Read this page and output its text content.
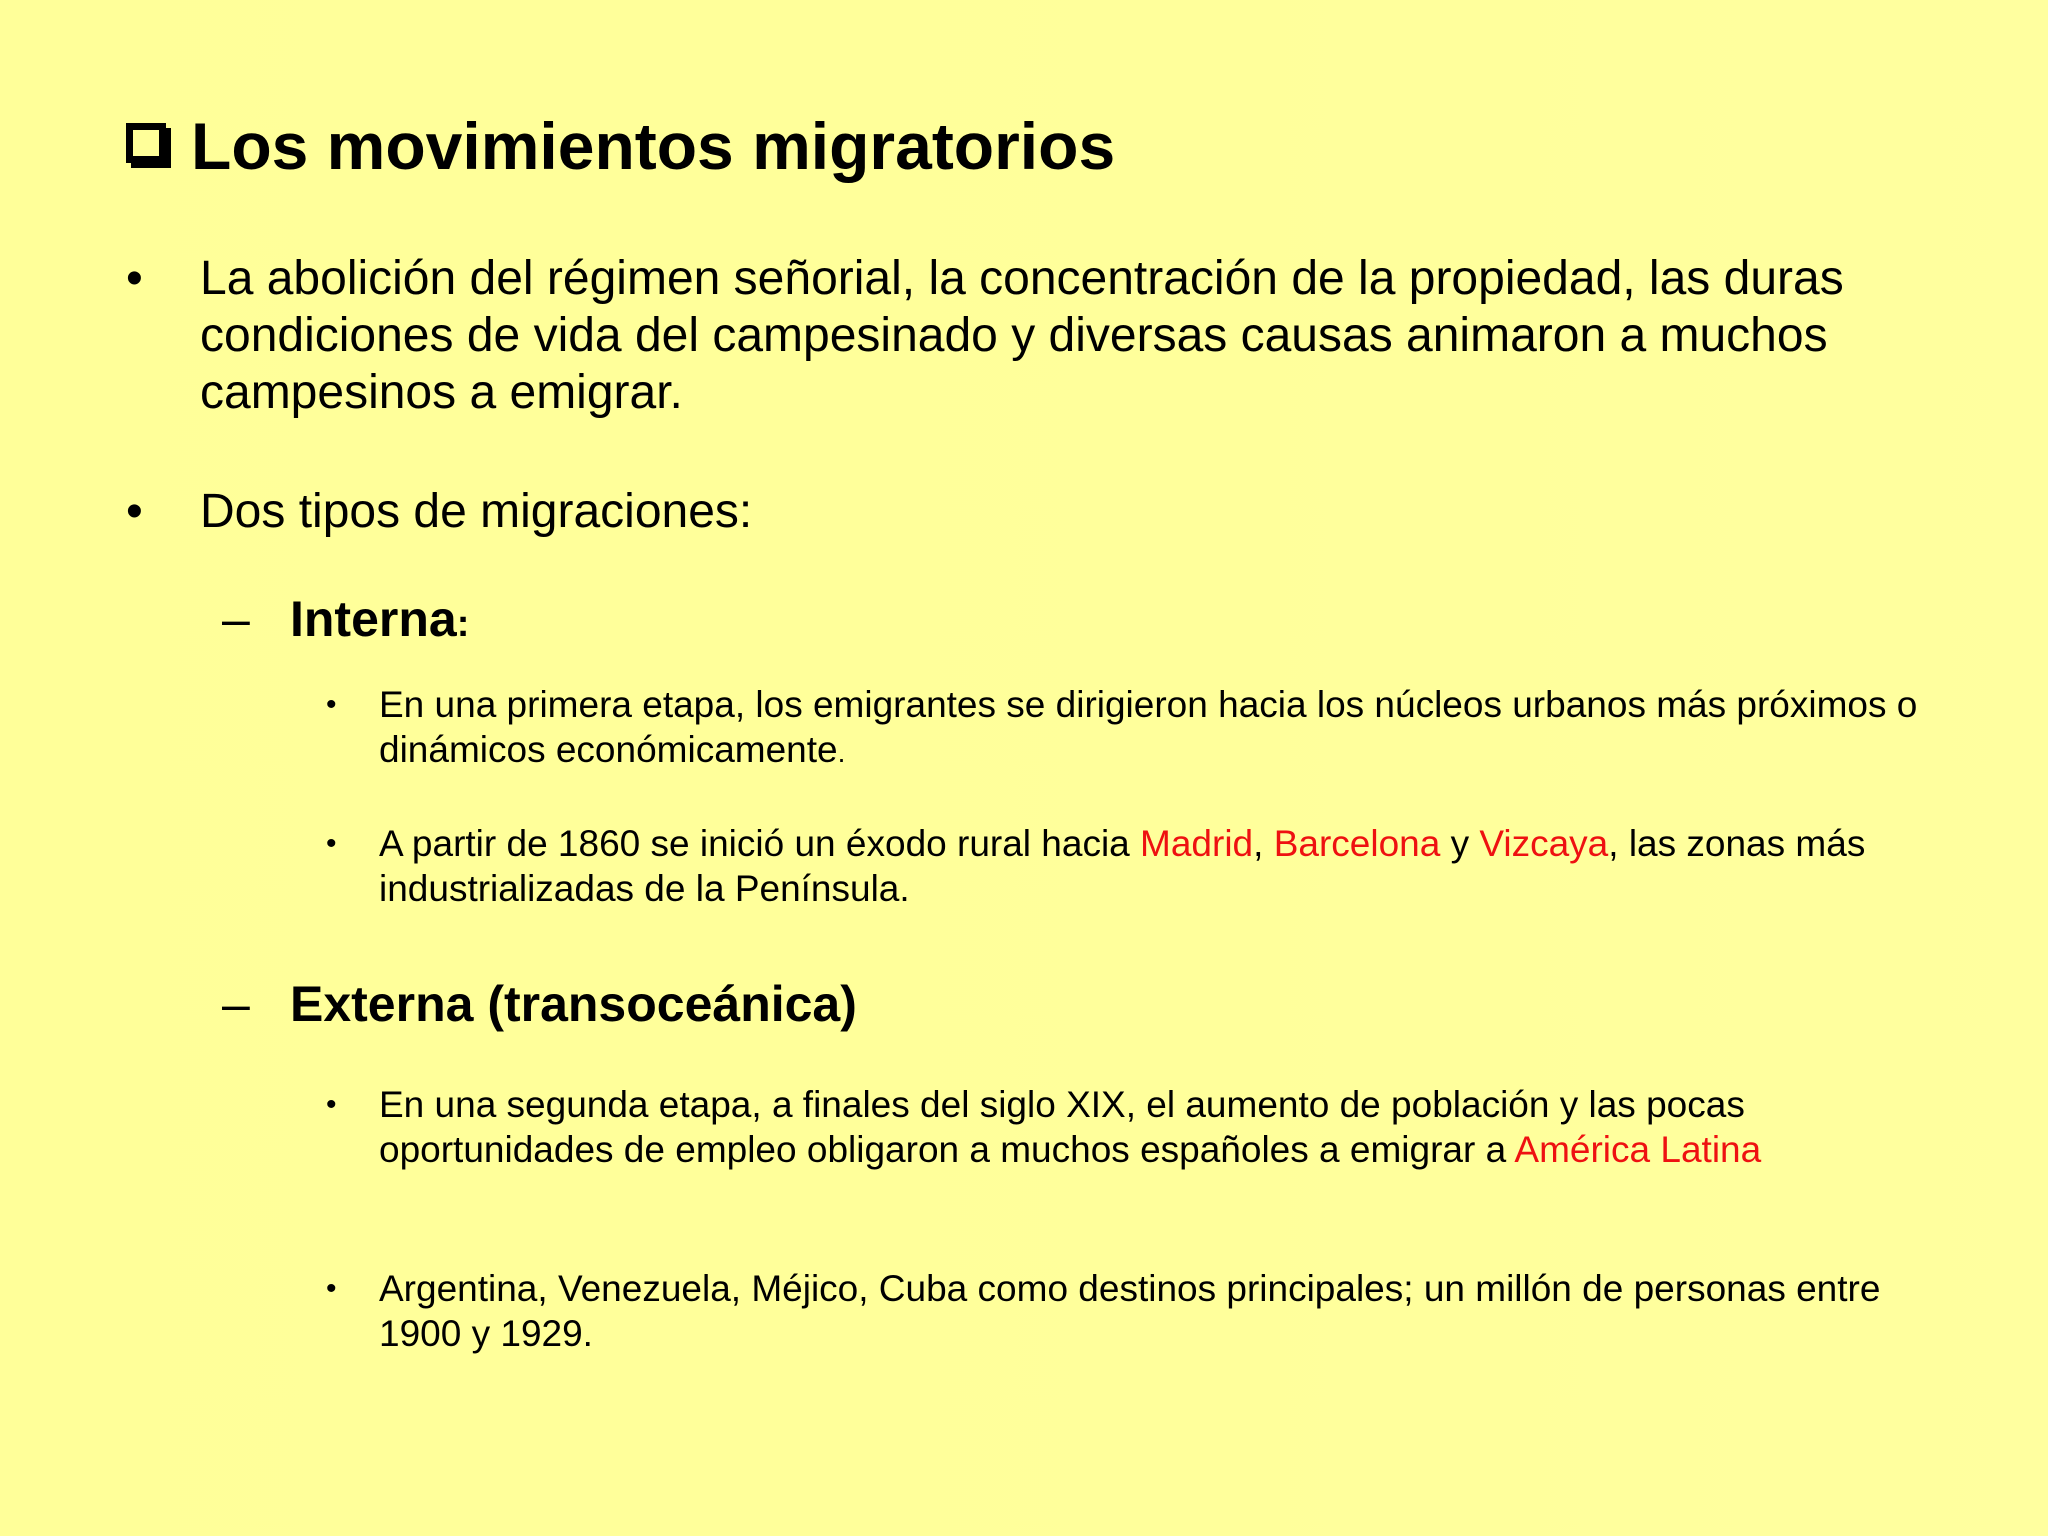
Los movimientos migratorios
• La abolición del régimen señorial, la concentración de la propiedad, las duras condiciones de vida del campesinado y diversas causas animaron a muchos campesinos a emigrar.
• Dos tipos de migraciones:
– Interna:
• En una primera etapa, los emigrantes se dirigieron hacia los núcleos urbanos más próximos o dinámicos económicamente.
• A partir de 1860 se inició un éxodo rural hacia Madrid, Barcelona y Vizcaya, las zonas más industrializadas de la Península.
– Externa (transoceánica)
• En una segunda etapa, a finales del siglo XIX, el aumento de población y las pocas oportunidades de empleo obligaron a muchos españoles a emigrar a América Latina
• Argentina, Venezuela, Méjico, Cuba como destinos principales; un millón de personas entre 1900 y 1929.
